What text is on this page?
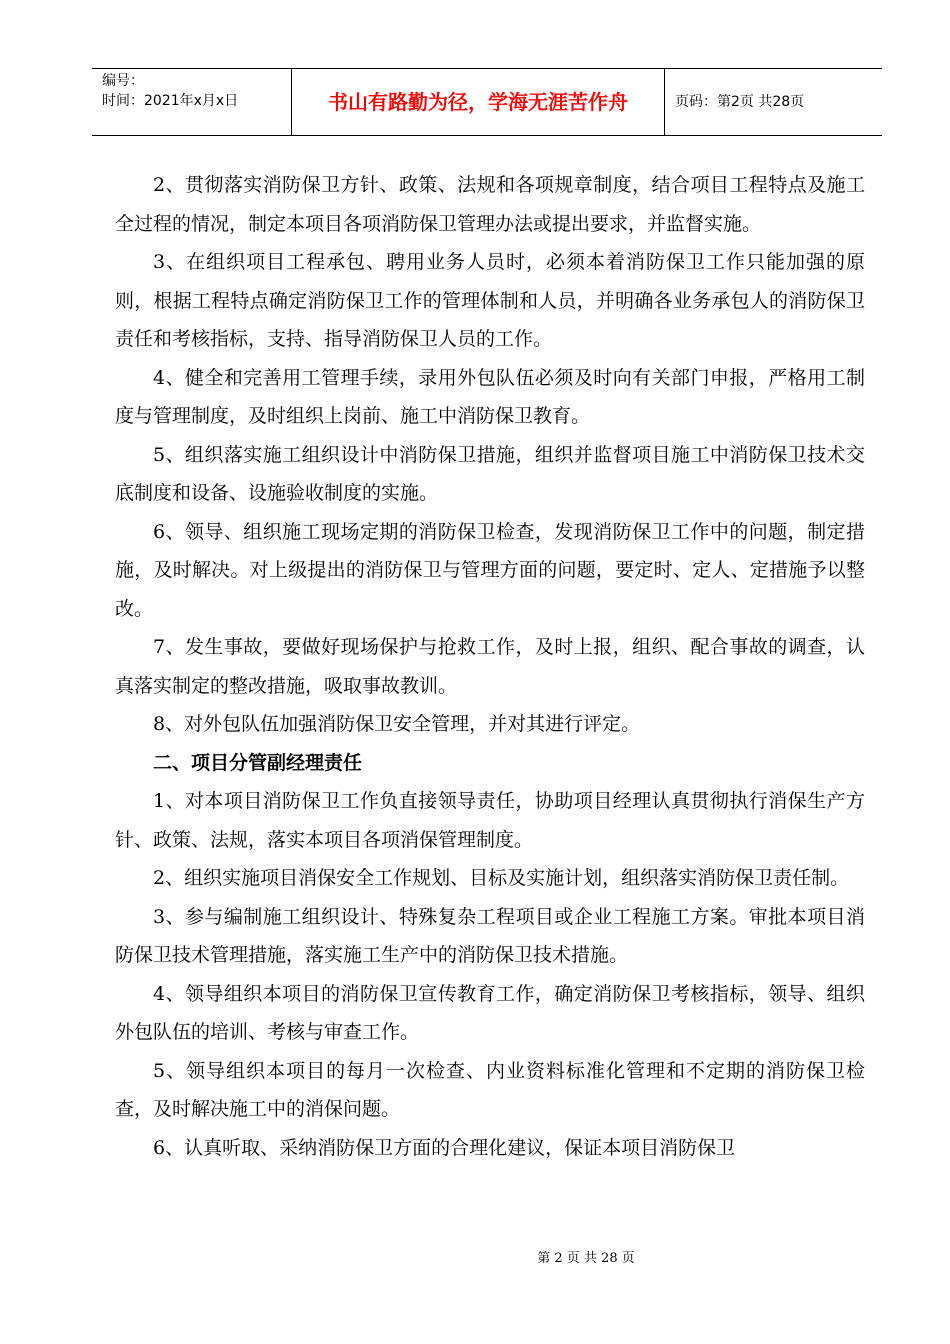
编号：
时间：2021年x月x日	书山有路勤为径，学海无涯苦作舟	页码：第2页 共28页

2、贯彻落实消防保卫方针、政策、法规和各项规章制度，结合项目工程特点及施工全过程的情况，制定本项目各项消防保卫管理办法或提出要求，并监督实施。

3、在组织项目工程承包、聘用业务人员时，必须本着消防保卫工作只能加强的原则，根据工程特点确定消防保卫工作的管理体制和人员，并明确各业务承包人的消防保卫责任和考核指标，支持、指导消防保卫人员的工作。

4、健全和完善用工管理手续，录用外包队伍必须及时向有关部门申报，严格用工制度与管理制度，及时组织上岗前、施工中消防保卫教育。

5、组织落实施工组织设计中消防保卫措施，组织并监督项目施工中消防保卫技术交底制度和设备、设施验收制度的实施。

6、领导、组织施工现场定期的消防保卫检查，发现消防保卫工作中的问题，制定措施，及时解决。对上级提出的消防保卫与管理方面的问题，要定时、定人、定措施予以整改。

7、发生事故，要做好现场保护与抢救工作，及时上报，组织、配合事故的调查，认真落实制定的整改措施，吸取事故教训。

8、对外包队伍加强消防保卫安全管理，并对其进行评定。

二、项目分管副经理责任

1、对本项目消防保卫工作负直接领导责任，协助项目经理认真贯彻执行消保生产方针、政策、法规，落实本项目各项消保管理制度。

2、组织实施项目消保安全工作规划、目标及实施计划，组织落实消防保卫责任制。

3、参与编制施工组织设计、特殊复杂工程项目或企业工程施工方案。审批本项目消防保卫技术管理措施，落实施工生产中的消防保卫技术措施。

4、领导组织本项目的消防保卫宣传教育工作，确定消防保卫考核指标，领导、组织外包队伍的培训、考核与审查工作。

5、领导组织本项目的每月一次检查、内业资料标准化管理和不定期的消防保卫检查，及时解决施工中的消保问题。

6、认真听取、采纳消防保卫方面的合理化建议，保证本项目消防保卫

第 2 页 共 28 页
